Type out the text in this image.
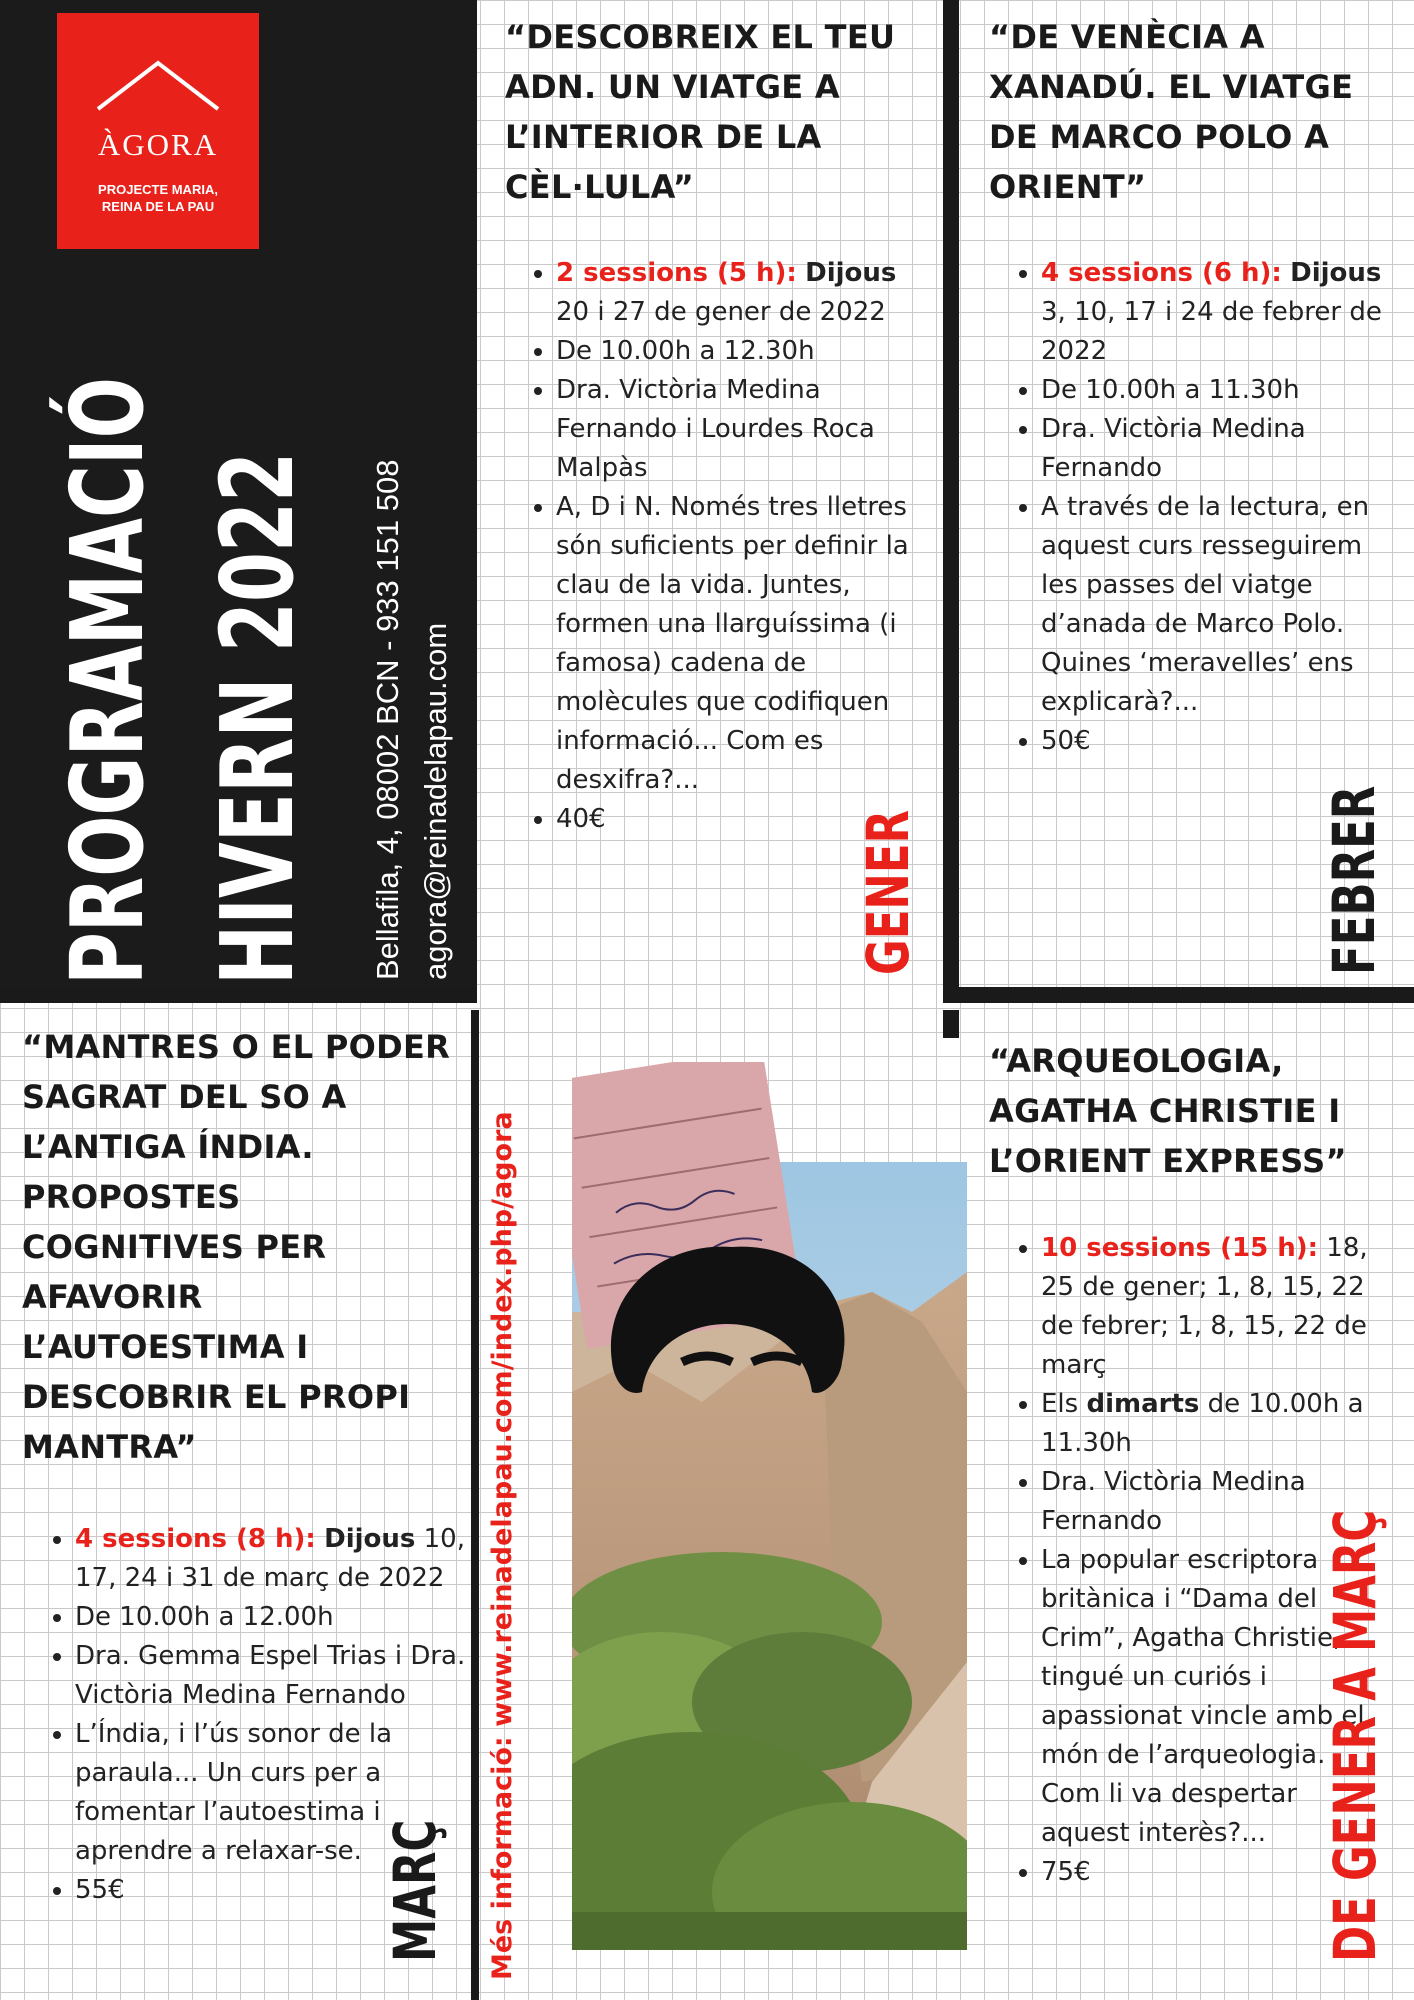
ÀGORA
PROJECTE MARIA,
REINA DE LA PAU
PROGRAMACIÓ HIVERN 2022 Bellafila, 4, 08002 BCN - 933 151 508 agora@reinadelapau.com
“DESCOBREIX EL TEU
ADN. UN VIATGE A
L’INTERIOR DE LA
CÈL·LULA”
• 2 sessions (5 h): Dijous 20 i 27 de gener de 2022
• De 10.00h a 12.30h
• Dra. Victòria Medina Fernando i Lourdes Roca Malpàs
• A, D i N. Només tres lletres són suficients per definir la clau de la vida. Juntes, formen una llarguíssima (i famosa) cadena de molècules que codifiquen informació... Com es desxifra?...
• 40€	GENER
“DE VENÈCIA A
XANADÚ. EL VIATGE
DE MARCO POLO A
ORIENT”
• 4 sessions (6 h): Dijous 3, 10, 17 i 24 de febrer de 2022
• De 10.00h a 11.30h
• Dra. Victòria Medina Fernando
• A través de la lectura, en aquest curs resseguirem les passes del viatge d’anada de Marco Polo. Quines ‘meravelles’ ens explicarà?...
• 50€
FEBRER
“MANTRES O EL PODER
SAGRAT DEL SO A
L’ANTIGA ÍNDIA.
PROPOSTES
COGNITIVES PER
AFAVORIR
L’AUTOESTIMA I
DESCOBRIR EL PROPI
MANTRA”
• 4 sessions (8 h): Dijous 10, 17, 24 i 31 de març de 2022
• De 10.00h a 12.00h
• Dra. Gemma Espel Trias i Dra. Victòria Medina Fernando
• L’Índia, i l’ús sonor de la paraula... Un curs per a fomentar l’autoestima i aprendre a relaxar-se.
• 55€	MARÇ Més informació: www.reinadelapau.com/index.php/agora
“ARQUEOLOGIA,
AGATHA CHRISTIE I
L’ORIENT EXPRESS”
• 10 sessions (15 h): 18, 25 de gener; 1, 8, 15, 22 de febrer; 1, 8, 15, 22 de març
• Els dimarts de 10.00h a 11.30h
• Dra. Victòria Medina Fernando
• La popular escriptora britànica i “Dama del Crim”, Agatha Christie, tingué un curiós i apassionat vincle amb el món de l’arqueologia. Com li va despertar aquest interès?...
• 75€	DE GENER A MARÇ
